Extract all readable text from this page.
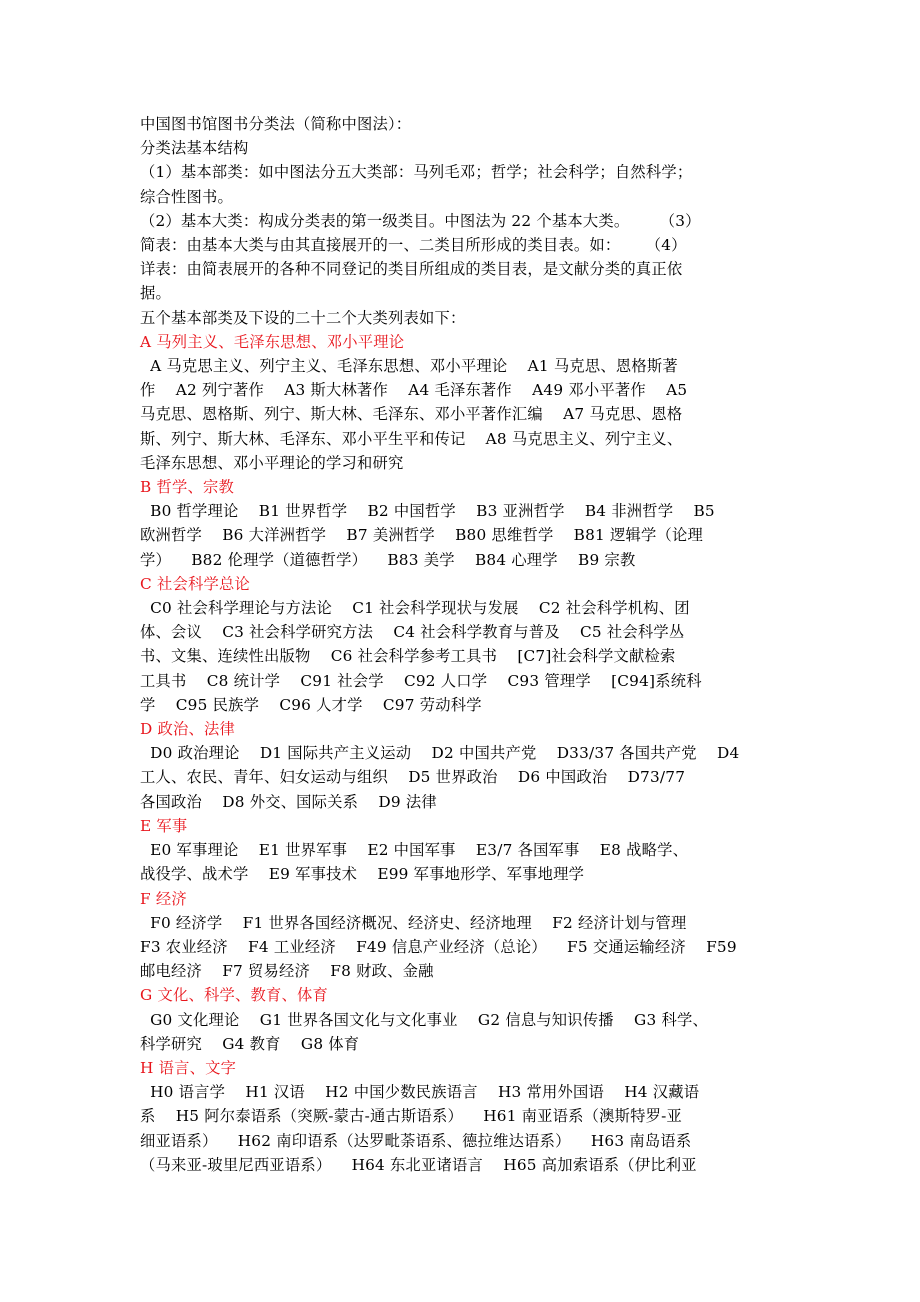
中国图书馆图书分类法（简称中图法）：
分类法基本结构
（1）基本部类：如中图法分五大类部：马列毛邓；哲学；社会科学；自然科学；
综合性图书。
（2）基本大类：构成分类表的第一级类目。中图法为 22 个基本大类。      （3）
简表：由基本大类与由其直接展开的一、二类目所形成的类目表。如：     （4）
详表：由简表展开的各种不同登记的类目所组成的类目表，是文献分类的真正依
据。
五个基本部类及下设的二十二个大类列表如下：
A 马列主义、毛泽东思想、邓小平理论
A 马克思主义、列宁主义、毛泽东思想、邓小平理论    A1 马克思、恩格斯著
作    A2 列宁著作    A3 斯大林著作    A4 毛泽东著作    A49 邓小平著作    A5
马克思、恩格斯、列宁、斯大林、毛泽东、邓小平著作汇编    A7 马克思、恩格
斯、列宁、斯大林、毛泽东、邓小平生平和传记    A8 马克思主义、列宁主义、
毛泽东思想、邓小平理论的学习和研究
B 哲学、宗教
B0 哲学理论    B1 世界哲学    B2 中国哲学    B3 亚洲哲学    B4 非洲哲学    B5
欧洲哲学    B6 大洋洲哲学    B7 美洲哲学    B80 思维哲学    B81 逻辑学（论理
学）    B82 伦理学（道德哲学）    B83 美学    B84 心理学    B9 宗教
C 社会科学总论
C0 社会科学理论与方法论    C1 社会科学现状与发展    C2 社会科学机构、团
体、会议    C3 社会科学研究方法    C4 社会科学教育与普及    C5 社会科学丛
书、文集、连续性出版物    C6 社会科学参考工具书    [C7]社会科学文献检索
工具书    C8 统计学    C91 社会学    C92 人口学    C93 管理学    [C94]系统科
学    C95 民族学    C96 人才学    C97 劳动科学
D 政治、法律
D0 政治理论    D1 国际共产主义运动    D2 中国共产党    D33/37 各国共产党    D4
工人、农民、青年、妇女运动与组织    D5 世界政治    D6 中国政治    D73/77
各国政治    D8 外交、国际关系    D9 法律
E 军事
E0 军事理论    E1 世界军事    E2 中国军事    E3/7 各国军事    E8 战略学、
战役学、战术学    E9 军事技术    E99 军事地形学、军事地理学
F 经济
F0 经济学    F1 世界各国经济概况、经济史、经济地理    F2 经济计划与管理
F3 农业经济    F4 工业经济    F49 信息产业经济（总论）    F5 交通运输经济    F59
邮电经济    F7 贸易经济    F8 财政、金融
G 文化、科学、教育、体育
G0 文化理论    G1 世界各国文化与文化事业    G2 信息与知识传播    G3 科学、
科学研究    G4 教育    G8 体育
H 语言、文字
H0 语言学    H1 汉语    H2 中国少数民族语言    H3 常用外国语    H4 汉藏语
系    H5 阿尔泰语系（突厥-蒙古-通古斯语系）    H61 南亚语系（澳斯特罗-亚
细亚语系）    H62 南印语系（达罗毗荼语系、德拉维达语系）    H63 南岛语系
（马来亚-玻里尼西亚语系）    H64 东北亚诸语言    H65 高加索语系（伊比利亚
